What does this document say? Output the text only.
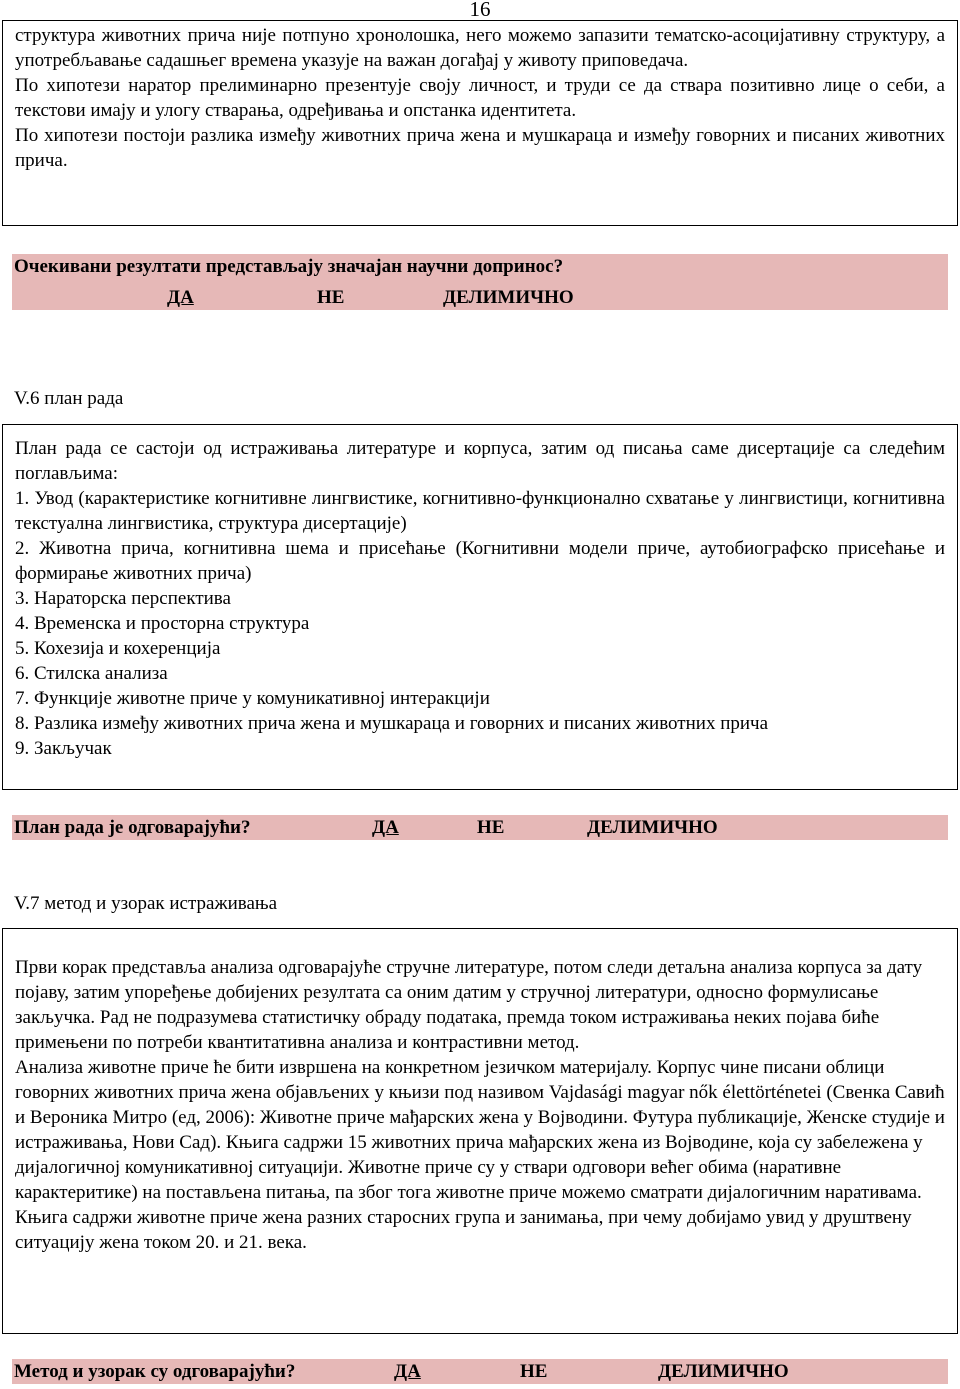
16

структура животних прича није потпуно хронолошка, него можемо запазити тематско-асоцијативну структуру, а употребљавање садашњег времена указује на важан догађај у животу приповедача.

По хипотези наратор прелиминарно презентује своју личност, и труди се да ствара позитивно лице о себи, а текстови имају и улогу стварања, одређивања и опстанка идентитета.

По хипотези постоји разлика између животних прича жена и мушкараца и између говорних и писаних животних прича.

Очекивани резултати представљају значајан научни допринос?
ДА	НЕ	ДЕЛИМИЧНО
V.6 план рада

План рада се састоји од истраживања литературе и корпуса, затим од писања саме дисертације са следећим поглављима:

1. Увод (карактеристике когнитивне лингвистике, когнитивно-функционално схватање у лингвистици, когнитивна текстуална лингвистика, структура дисертације)

2. Животна прича, когнитивна шема и присећање (Когнитивни модели приче, аутобиографско присећање и формирање животних прича)

3. Нараторска перспектива

4. Временска и просторна структура

5. Кохезија и кохеренција

6. Стилска анализа

7. Функције животне приче у комуникативној интеракцији

8. Разлика између животних прича жена и мушкараца и говорних и писаних животних прича

9. Закључак

План рада је одговарајући?	ДА	НЕ	ДЕЛИМИЧНО
V.7 метод и узорак истраживања

Први корак представља анализа одговарајуће стручне литературе, потом следи детаљна анализа корпуса за дату појаву, затим упоређење добијених резултата са оним датим у стручној литератури, односно формулисање закључка. Рад не подразумева статистичку обраду података, премда током истраживања неких појава биће примењени по потреби квантитативна анализа и контрастивни метод.

Анализа животне приче ће бити извршена на конкретном језичком материјалу. Корпус чине писани облици говорних животних прича жена објављених у књизи под називом Vajdasági magyar nők élettörténetei (Свенка Савић и Вероника Митро (ед, 2006): Животне приче мађарских жена у Војводини. Футура публикације, Женске студије и истраживања, Нови Сад). Књига садржи 15 животних прича мађарских жена из Војводине, која су забележена у дијалогичној комуникативној ситуацији. Животне приче су у ствари одговори већег обима (наративне карактеритике) на постављена питања, па због тога животне приче можемо сматрати дијалогичним наративама. Књига садржи животне приче жена разних старосних група и занимања, при чему добијамо увид у друштвену ситуацију жена током 20. и 21. века.

Метод и узорак су одговарајући?	ДА	НЕ	ДЕЛИМИЧНО
